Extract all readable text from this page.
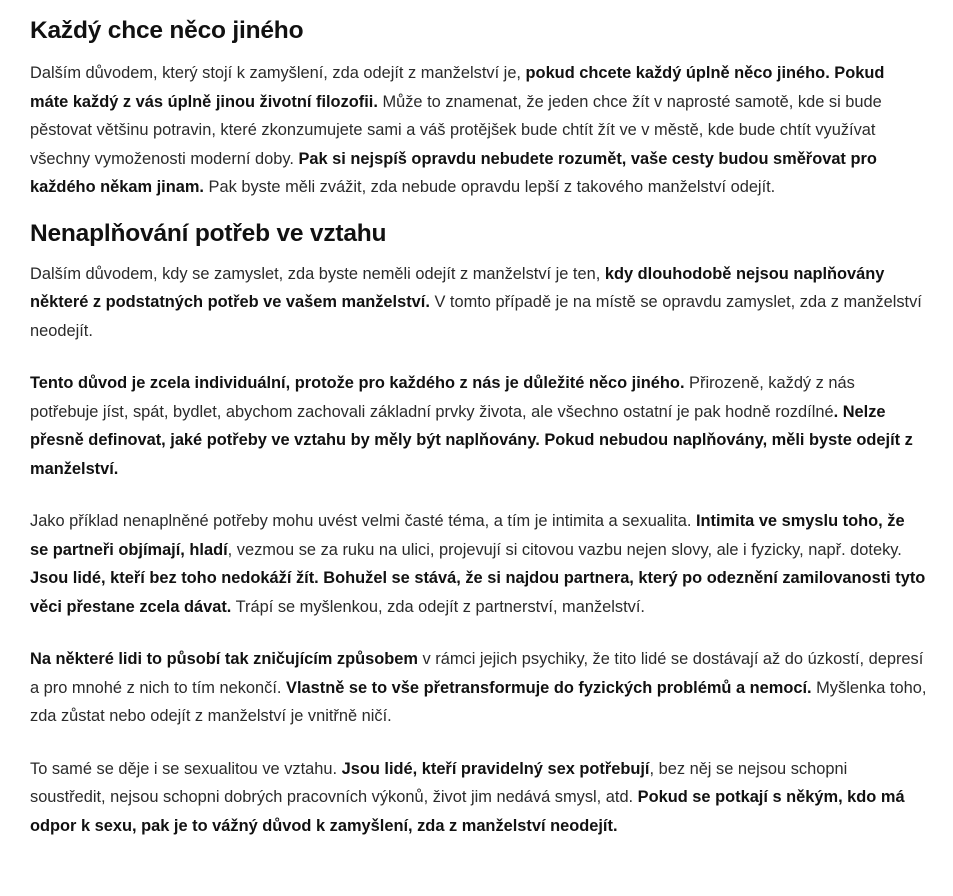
Každý chce něco jiného

Dalším důvodem, který stojí k zamyšlení, zda odejít z manželství je, pokud chcete každý úplně něco jiného. Pokud máte každý z vás úplně jinou životní filozofii. Může to znamenat, že jeden chce žít v naprosté samotě, kde si bude pěstovat většinu potravin, které zkonzumujete sami a váš protějšek bude chtít žít ve v městě, kde bude chtít využívat všechny vymoženosti moderní doby. Pak si nejspíš opravdu nebudete rozumět, vaše cesty budou směřovat pro každého někam jinam. Pak byste měli zvážit, zda nebude opravdu lepší z takového manželství odejít.

Nenaplňování potřeb ve vztahu

Dalším důvodem, kdy se zamyslet, zda byste neměli odejít z manželství je ten, kdy dlouhodobě nejsou naplňovány některé z podstatných potřeb ve vašem manželství. V tomto případě je na místě se opravdu zamyslet, zda z manželství neodejít.

Tento důvod je zcela individuální, protože pro každého z nás je důležité něco jiného. Přirozeně, každý z nás potřebuje jíst, spát, bydlet, abychom zachovali základní prvky života, ale všechno ostatní je pak hodně rozdílné. Nelze přesně definovat, jaké potřeby ve vztahu by měly být naplňovány. Pokud nebudou naplňovány, měli byste odejít z manželství.

Jako příklad nenaplněné potřeby mohu uvést velmi časté téma, a tím je intimita a sexualita. Intimita ve smyslu toho, že se partneři objímají, hladí, vezmou se za ruku na ulici, projevují si citovou vazbu nejen slovy, ale i fyzicky, např. doteky. Jsou lidé, kteří bez toho nedokáží žít. Bohužel se stává, že si najdou partnera, který po odeznění zamilovanosti tyto věci přestane zcela dávat. Trápí se myšlenkou, zda odejít z partnerství, manželství.

Na některé lidi to působí tak zničujícím způsobem v rámci jejich psychiky, že tito lidé se dostávají až do úzkostí, depresí a pro mnohé z nich to tím nekončí. Vlastně se to vše přetransformuje do fyzických problémů a nemocí. Myšlenka toho, zda zůstat nebo odejít z manželství je vnitřně ničí.

To samé se děje i se sexualitou ve vztahu. Jsou lidé, kteří pravidelný sex potřebují, bez něj se nejsou schopni soustředit, nejsou schopni dobrých pracovních výkonů, život jim nedává smysl, atd. Pokud se potkají s někým, kdo má odpor k sexu, pak je to vážný důvod k zamyšlení, zda z manželství neodejít.
